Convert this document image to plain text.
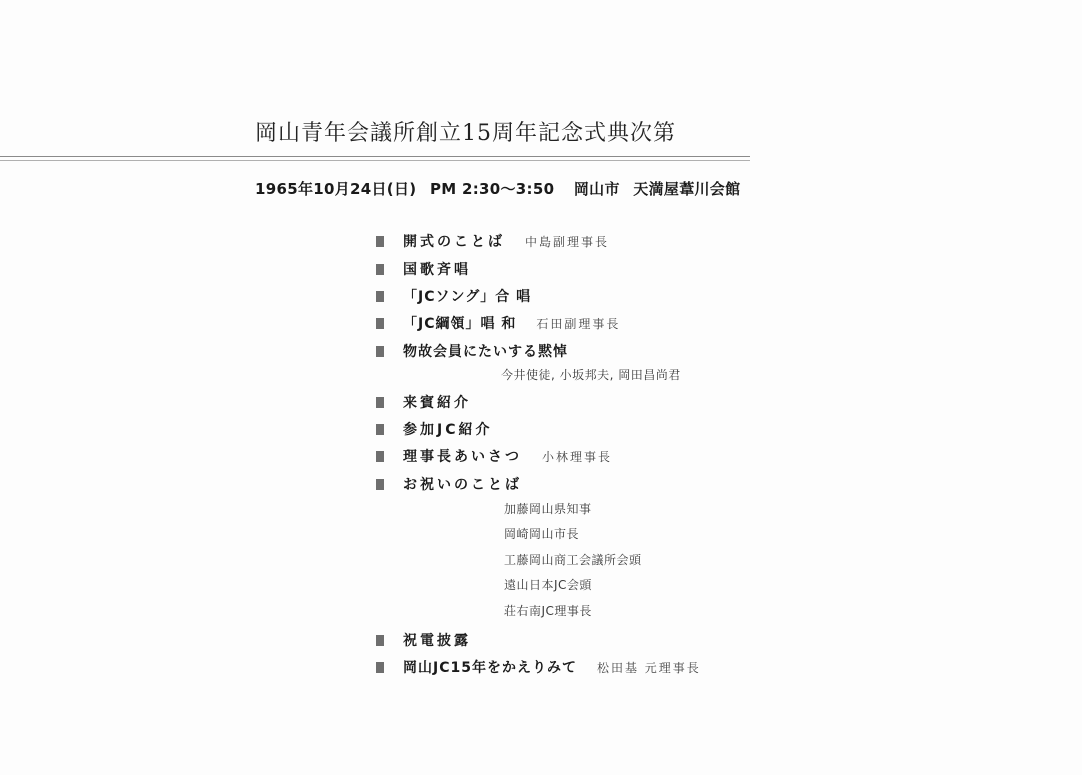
岡山青年会議所創立15周年記念式典次第
1965年10月24日(日) PM 2:30～3:50 岡山市 天満屋葦川会館
開式のことば 中島副理事長
国歌斉唱
「JCソング」合 唱
「JC綱領」唱 和 石田副理事長
物故会員にたいする黙悼
今井使徒, 小坂邦夫, 岡田昌尚君
来賓紹介
参加JC紹介
理事長あいさつ 小林理事長
お祝いのことば
加藤岡山県知事
岡崎岡山市長
工藤岡山商工会議所会頭
遠山日本JC会頭
荘右南JC理事長
祝電披露
岡山JC15年をかえりみて 松田基 元理事長
